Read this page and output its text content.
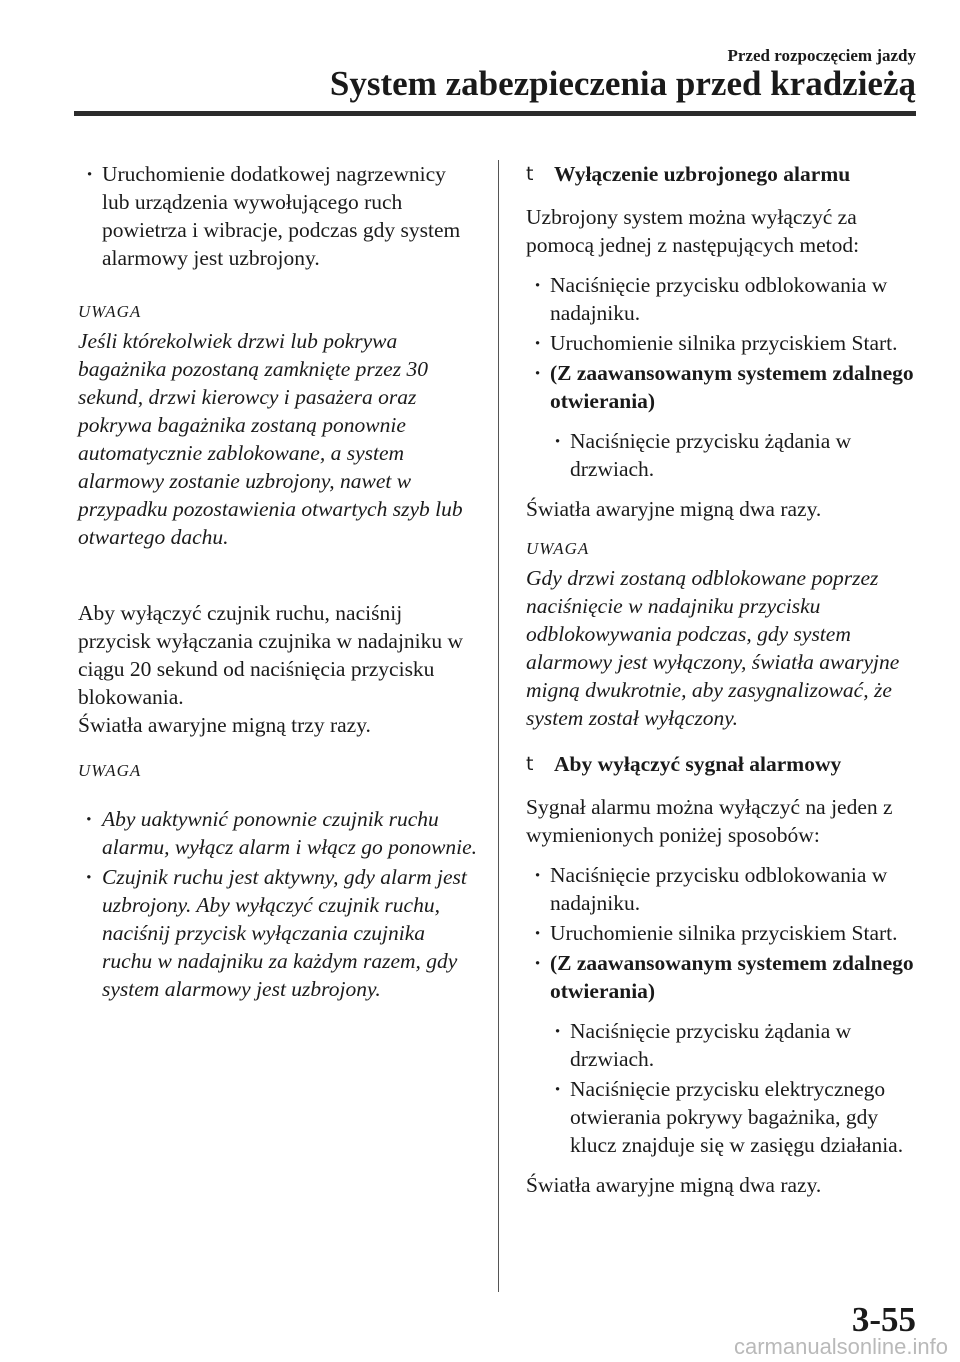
Przed rozpoczęciem jazdy
System zabezpieczenia przed kradzieżą

· Uruchomienie dodatkowej nagrzewnicy lub urządzenia wywołującego ruch powietrza i wibracje, podczas gdy system alarmowy jest uzbrojony.

UWAGA

Jeśli którekolwiek drzwi lub pokrywa bagażnika pozostaną zamknięte przez 30 sekund, drzwi kierowcy i pasażera oraz pokrywa bagażnika zostaną ponownie automatycznie zablokowane, a system alarmowy zostanie uzbrojony, nawet w przypadku pozostawienia otwartych szyb lub otwartego dachu.

Aby wyłączyć czujnik ruchu, naciśnij przycisk wyłączania czujnika w nadajniku w ciągu 20 sekund od naciśnięcia przycisku blokowania.

Światła awaryjne migną trzy razy.

UWAGA

· Aby uaktywnić ponownie czujnik ruchu alarmu, wyłącz alarm i włącz go ponownie.

· Czujnik ruchu jest aktywny, gdy alarm jest uzbrojony. Aby wyłączyć czujnik ruchu, naciśnij przycisk wyłączania czujnika ruchu w nadajniku za każdym razem, gdy system alarmowy jest uzbrojony.

t Wyłączenie uzbrojonego alarmu

Uzbrojony system można wyłączyć za pomocą jednej z następujących metod:

· Naciśnięcie przycisku odblokowania w nadajniku.

· Uruchomienie silnika przyciskiem Start.

· (Z zaawansowanym systemem zdalnego otwierania)

· Naciśnięcie przycisku żądania w drzwiach.

Światła awaryjne migną dwa razy.

UWAGA

Gdy drzwi zostaną odblokowane poprzez naciśnięcie w nadajniku przycisku odblokowywania podczas, gdy system alarmowy jest wyłączony, światła awaryjne migną dwukrotnie, aby zasygnalizować, że system został wyłączony.

t Aby wyłączyć sygnał alarmowy

Sygnał alarmu można wyłączyć na jeden z wymienionych poniżej sposobów:

· Naciśnięcie przycisku odblokowania w nadajniku.

· Uruchomienie silnika przyciskiem Start.

· (Z zaawansowanym systemem zdalnego otwierania)

· Naciśnięcie przycisku żądania w drzwiach.

· Naciśnięcie przycisku elektrycznego otwierania pokrywy bagażnika, gdy klucz znajduje się w zasięgu działania.

Światła awaryjne migną dwa razy.

3-55
carmanualsonline.info
